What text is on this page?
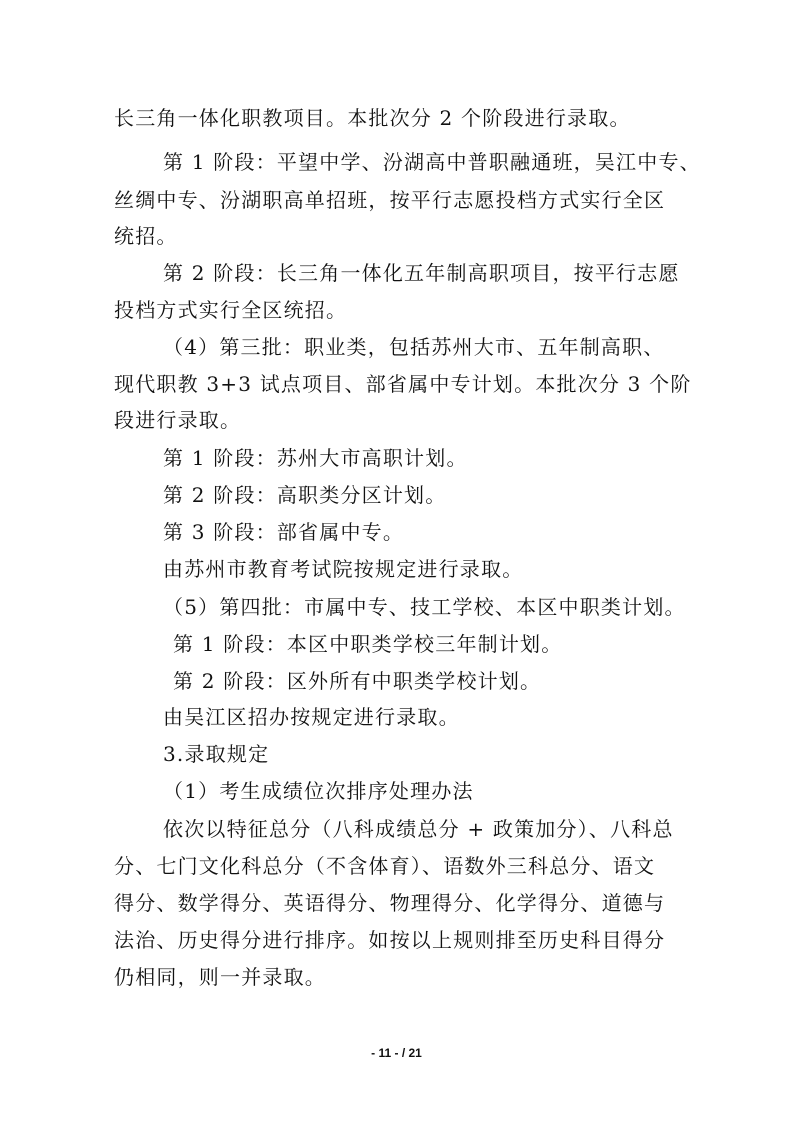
长三角一体化职教项目。本批次分 2 个阶段进行录取。
第 1 阶段：平望中学、汾湖高中普职融通班，吴江中专、
丝绸中专、汾湖职高单招班，按平行志愿投档方式实行全区
统招。
第 2 阶段：长三角一体化五年制高职项目，按平行志愿
投档方式实行全区统招。
（4）第三批：职业类，包括苏州大市、五年制高职、
现代职教 3+3 试点项目、部省属中专计划。本批次分 3 个阶
段进行录取。
第 1 阶段：苏州大市高职计划。
第 2 阶段：高职类分区计划。
第 3 阶段：部省属中专。
由苏州市教育考试院按规定进行录取。
（5）第四批：市属中专、技工学校、本区中职类计划。
第 1 阶段：本区中职类学校三年制计划。
第 2 阶段：区外所有中职类学校计划。
由吴江区招办按规定进行录取。
3.录取规定
（1）考生成绩位次排序处理办法
依次以特征总分（八科成绩总分 + 政策加分）、八科总
分、七门文化科总分（不含体育）、语数外三科总分、语文
得分、数学得分、英语得分、物理得分、化学得分、道德与
法治、历史得分进行排序。如按以上规则排至历史科目得分
仍相同，则一并录取。
- 11 - / 21
